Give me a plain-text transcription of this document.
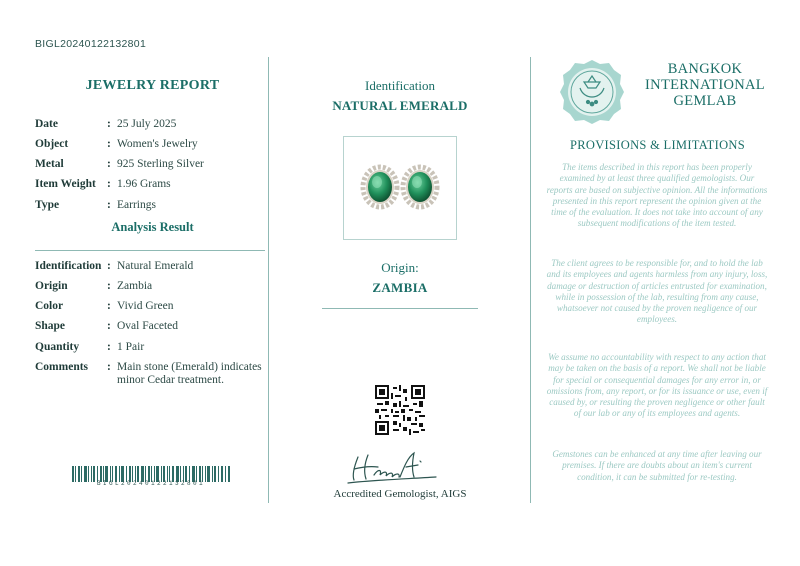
BIGL20240122132801
JEWELRY REPORT
Date	: 25 July 2025
Object	: Women's Jewelry
Metal	: 925 Sterling Silver
Item Weight : 1.96 Grams
Type	: Earrings
Analysis Result
Identification : Natural Emerald
Origin	: Zambia
Color	: Vivid Green
Shape	: Oval Faceted
Quantity	: 1 Pair
Comments	: Main stone (Emerald) indicates minor Cedar treatment.
BIGL20240122132801
Identification
NATURAL EMERALD
Origin:
ZAMBIA
Accredited Gemologist, AIGS
BANGKOK
INTERNATIONAL
GEMLAB
PROVISIONS & LIMITATIONS
The items described in this report has been properly examined by at least three qualified gemologists. Our reports are based on subjective opinion. All the informations presented in this report represent the opinion given at the time of the evaluation. It does not take into account of any subsequent modifications of the item tested.
The client agrees to be responsible for, and to hold the lab and its employees and agents harmless from any injury, loss, damage or destruction of articles entrusted for examination, while in possession of the lab, resulting from any cause, whatsoever not caused by the proven negligence of our employees.
We assume no accountability with respect to any action that may be taken on the basis of a report. We shall not be liable for special or consequential damages for any error in, or omissions from, any report, or for its issuance or use, even if caused by, or resulting the proven negligence or other fault of our lab or any of its employees and agents.
Gemstones can be enhanced at any time after leaving our premises. If there are doubts about an item's current condition, it can be submitted for re-testing.
